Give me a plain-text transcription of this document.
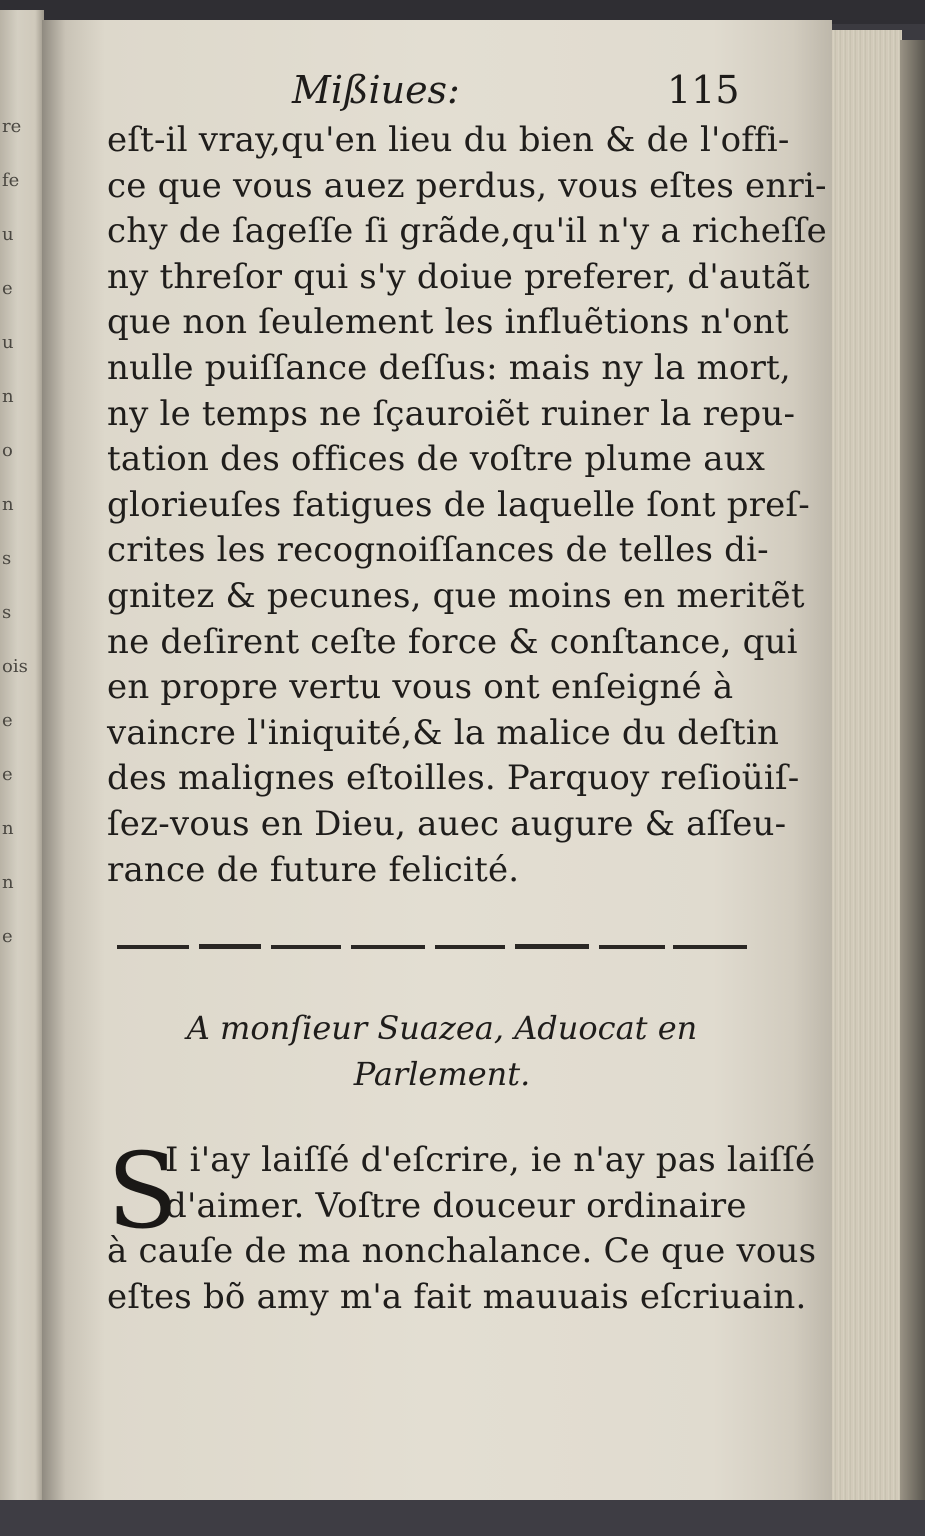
re
fe
u
e
u
n
o
n
s
s
ois
e
e
n
n
e
Mißiues:	115
eſt-il vray,qu'en lieu du bien & de l'offi-
ce que vous auez perdus, vous eſtes enri-
chy de ſageſſe ſi grãde,qu'il n'y a richeſſe
ny threſor qui s'y doiue preferer, d'autãt
que non ſeulement les influẽtions n'ont
nulle puiſſance deſſus: mais ny la mort,
ny le temps ne ſçauroiẽt ruiner la repu-
tation des offices de voſtre plume aux
glorieuſes fatigues de laquelle ſont preſ-
crites les recognoiſſances de telles di-
gnitez & pecunes, que moins en meritẽt
ne deſirent ceſte force & conſtance, qui
en propre vertu vous ont enſeigné à
vaincre l'iniquité,& la malice du deſtin
des malignes eſtoilles. Parquoy reſioüiſ-
ſez-vous en Dieu, auec augure & aſſeu-
rance de future felicité.
A monſieur Suazea, Aduocat en
Parlement.
S
I i'ay laiſſé d'eſcrire, ie n'ay pas laiſſé
d'aimer. Voſtre douceur ordinaire
à cauſe de ma nonchalance. Ce que vous
eſtes bõ amy m'a fait mauuais eſcriuain.
